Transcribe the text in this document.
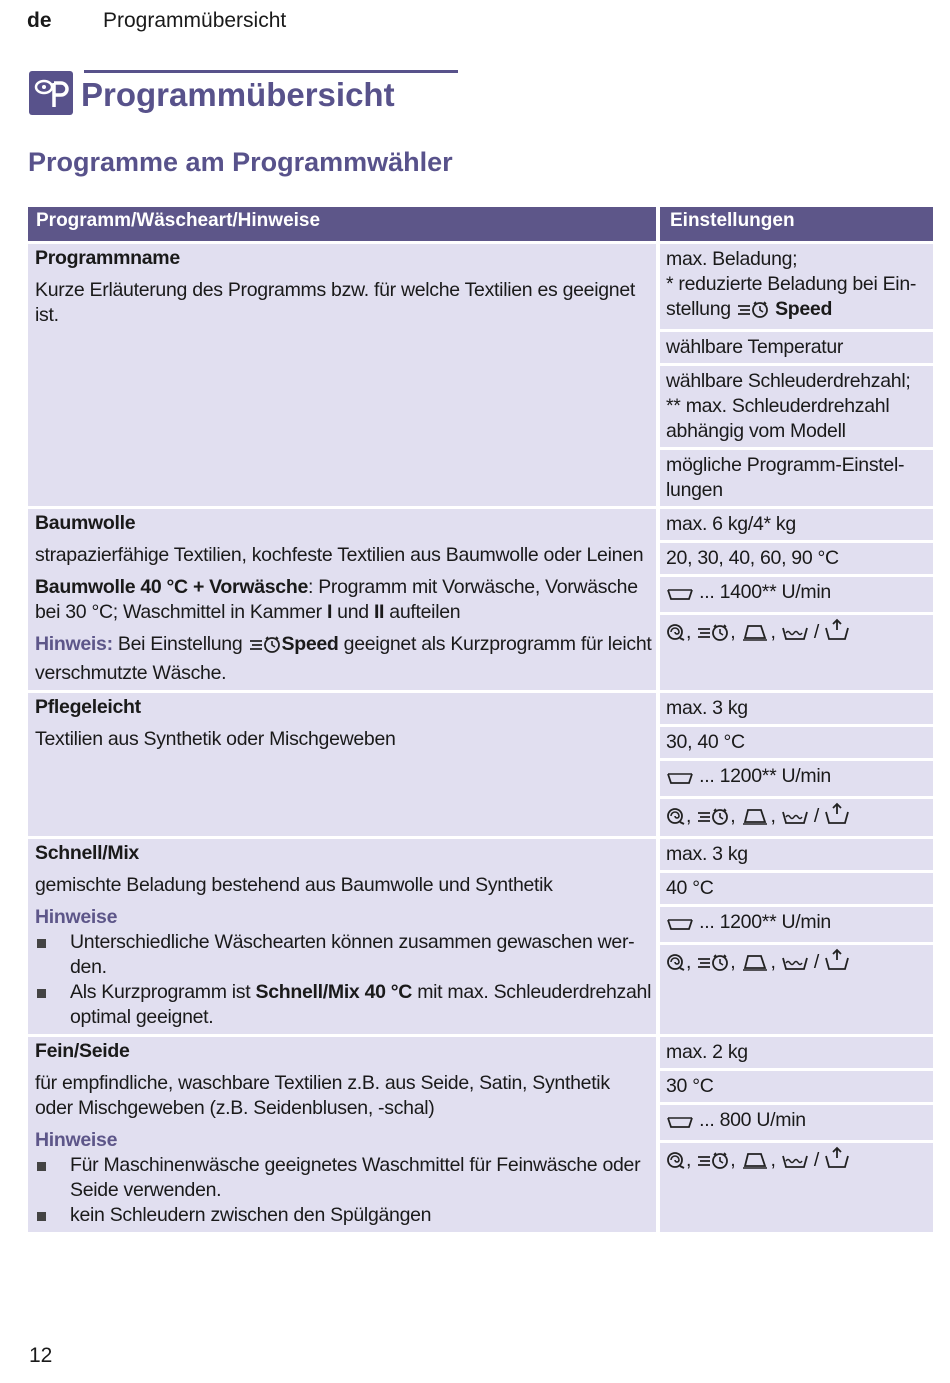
de Programmübersicht
Programmübersicht
Programme am Programmwähler
Programm/Wäscheart/Hinweise	Einstellungen
Programmname
Kurze Erläuterung des Programms bzw. für welche Textilien es geeignet ist.
max. Beladung;
* reduzierte Beladung bei Ein- stellung Speed
wählbare Temperatur
wählbare Schleuderdrehzahl;
** max. Schleuderdrehzahl abhängig vom Modell
mögliche Programm-Einstel- lungen
Baumwolle
strapazierfähige Textilien, kochfeste Textilien aus Baumwolle oder Leinen
Baumwolle 40 °C + Vorwäsche: Programm mit Vorwäsche, Vorwäsche bei 30 °C; Waschmittel in Kammer I und II aufteilen
Hinweis: Bei Einstellung Speed geeignet als Kurzprogramm für leicht verschmutzte Wäsche.
max. 6 kg/4* kg
20, 30, 40, 60, 90 °C
... 1400** U/min
, , , /
Pflegeleicht
Textilien aus Synthetik oder Mischgeweben
max. 3 kg
30, 40 °C
... 1200** U/min
, , , /
Schnell/Mix
gemischte Beladung bestehend aus Baumwolle und Synthetik
Hinweise
Unterschiedliche Wäschearten können zusammen gewaschen wer- den.
Als Kurzprogramm ist Schnell/Mix 40 °C mit max. Schleuderdrehzahl optimal geeignet.
max. 3 kg
40 °C
... 1200** U/min
, , , /
Fein/Seide
für empfindliche, waschbare Textilien z.B. aus Seide, Satin, Synthetik oder Mischgeweben (z.B. Seidenblusen, -schal)
Hinweise
Für Maschinenwäsche geeignetes Waschmittel für Feinwäsche oder Seide verwenden.
kein Schleudern zwischen den Spülgängen
max. 2 kg
30 °C
... 800 U/min
, , , /
12
